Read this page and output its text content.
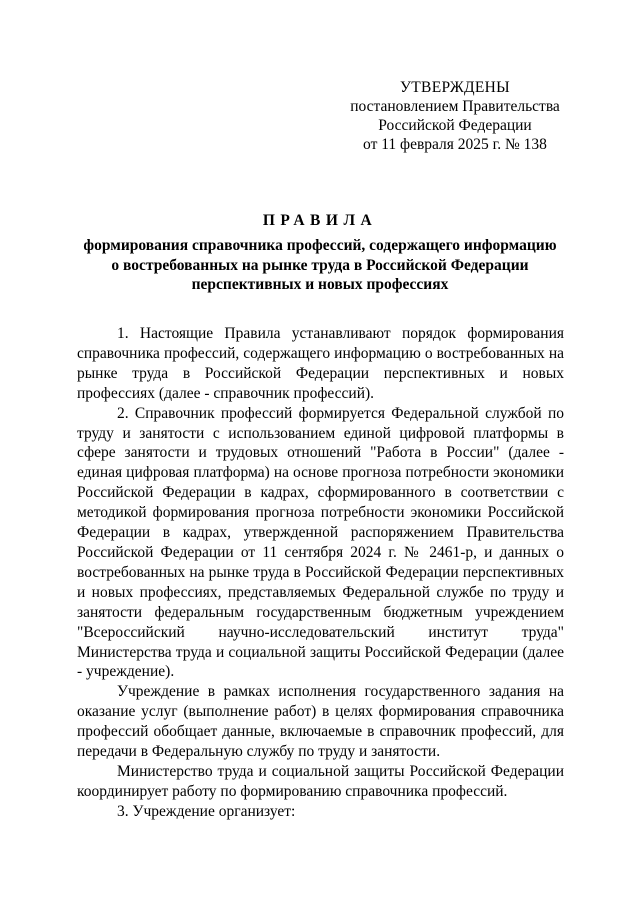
УТВЕРЖДЕНЫ
постановлением Правительства
Российской Федерации
от 11 февраля 2025 г. № 138
ПРАВИЛА
формирования справочника профессий, содержащего информацию
о востребованных на рынке труда в Российской Федерации
перспективных и новых профессиях

1. Настоящие Правила устанавливают порядок формирования справочника профессий, содержащего информацию о востребованных на рынке труда в Российской Федерации перспективных и новых профессиях (далее - справочник профессий).

2. Справочник профессий формируется Федеральной службой по труду и занятости с использованием единой цифровой платформы в сфере занятости и трудовых отношений "Работа в России" (далее - единая цифровая платформа) на основе прогноза потребности экономики Российской Федерации в кадрах, сформированного в соответствии с методикой формирования прогноза потребности экономики Российской Федерации в кадрах, утвержденной распоряжением Правительства Российской Федерации от 11 сентября 2024 г. № 2461-р, и данных о востребованных на рынке труда в Российской Федерации перспективных и новых профессиях, представляемых Федеральной службе по труду и занятости федеральным государственным бюджетным учреждением "Всероссийский научно-исследовательский институт труда" Министерства труда и социальной защиты Российской Федерации (далее - учреждение).

Учреждение в рамках исполнения государственного задания на оказание услуг (выполнение работ) в целях формирования справочника профессий обобщает данные, включаемые в справочник профессий, для передачи в Федеральную службу по труду и занятости.

Министерство труда и социальной защиты Российской Федерации координирует работу по формированию справочника профессий.

3. Учреждение организует:
